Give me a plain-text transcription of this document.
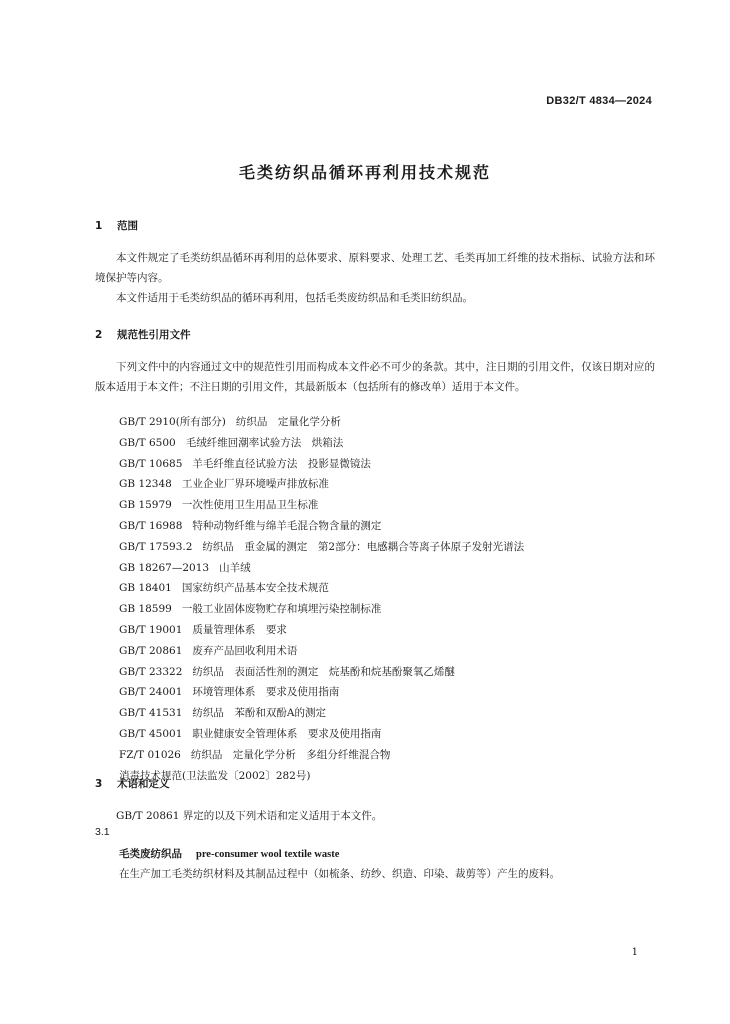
DB32/T 4834—2024
毛类纺织品循环再利用技术规范
1 范围

本文件规定了毛类纺织品循环再利用的总体要求、原料要求、处理工艺、毛类再加工纤维的技术指标、试验方法和环境保护等内容。

本文件适用于毛类纺织品的循环再利用，包括毛类废纺织品和毛类旧纺织品。

2 规范性引用文件

下列文件中的内容通过文中的规范性引用而构成本文件必不可少的条款。其中，注日期的引用文件，仅该日期对应的版本适用于本文件；不注日期的引用文件，其最新版本（包括所有的修改单）适用于本文件。

GB/T 2910(所有部分) 纺织品　定量化学分析
GB/T 6500 毛绒纤维回潮率试验方法　烘箱法
GB/T 10685 羊毛纤维直径试验方法　投影显微镜法
GB 12348 工业企业厂界环境噪声排放标准
GB 15979 一次性使用卫生用品卫生标准
GB/T 16988 特种动物纤维与绵羊毛混合物含量的测定
GB/T 17593.2 纺织品　重金属的测定　第2部分：电感耦合等离子体原子发射光谱法
GB 18267—2013 山羊绒
GB 18401 国家纺织产品基本安全技术规范
GB 18599 一般工业固体废物贮存和填埋污染控制标准
GB/T 19001 质量管理体系　要求
GB/T 20861 废弃产品回收利用术语
GB/T 23322 纺织品　表面活性剂的测定　烷基酚和烷基酚聚氧乙烯醚
GB/T 24001 环境管理体系　要求及使用指南
GB/T 41531 纺织品　苯酚和双酚A的测定
GB/T 45001 职业健康安全管理体系　要求及使用指南
FZ/T 01026 纺织品　定量化学分析　多组分纤维混合物
消毒技术规范(卫法监发〔2002〕282号)
3 术语和定义

GB/T 20861 界定的以及下列术语和定义适用于本文件。

3.1
毛类废纺织品 pre-consumer wool textile waste
在生产加工毛类纺织材料及其制品过程中（如梳条、纺纱、织造、印染、裁剪等）产生的废料。
1
